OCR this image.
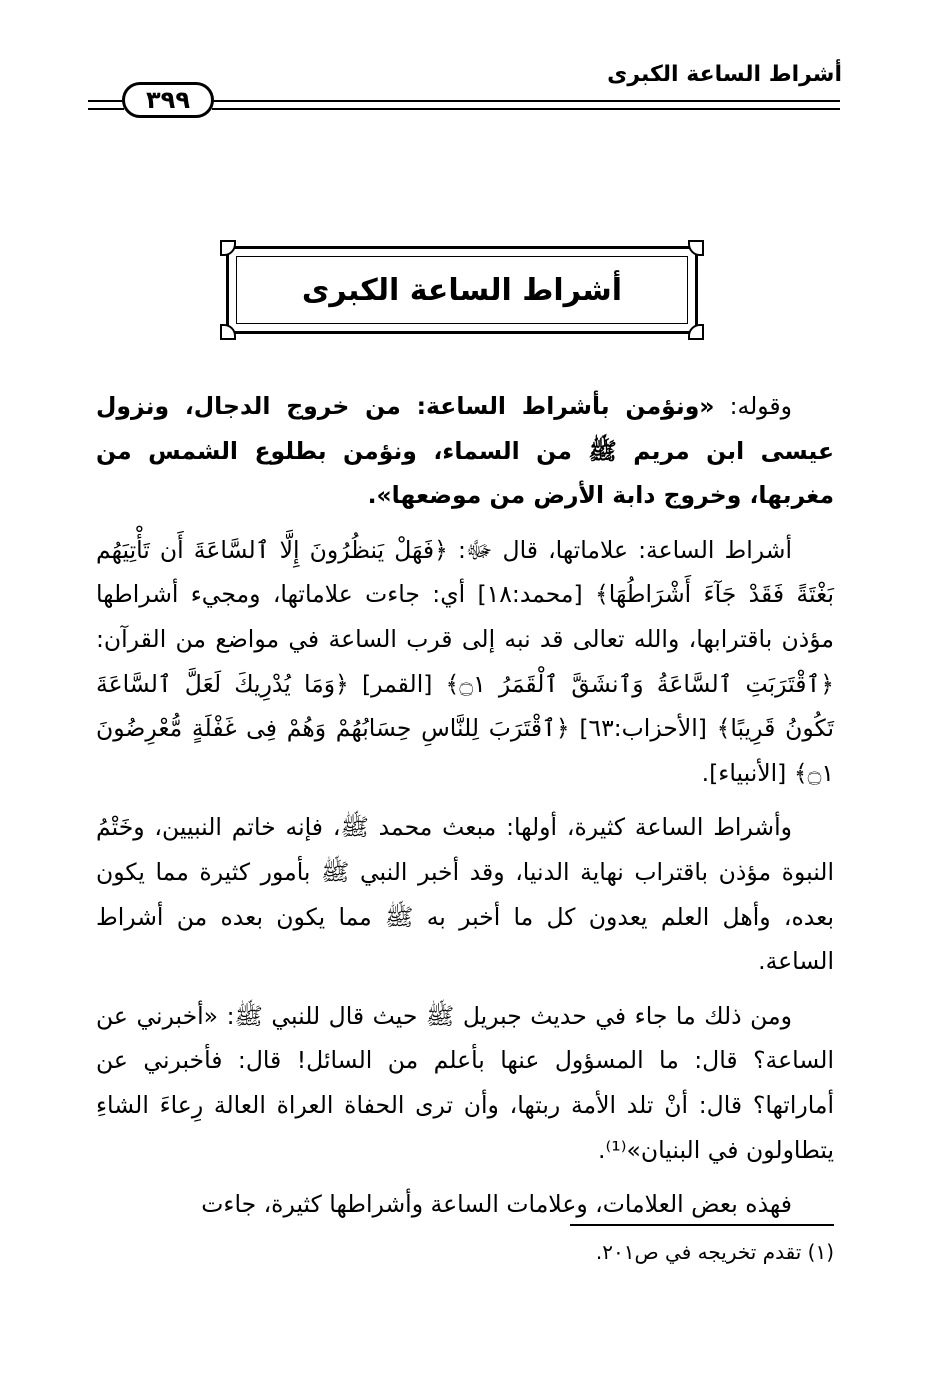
أشراط الساعة الكبرى
٣٩٩
أشراط الساعة الكبرى

وقوله: «ونؤمن بأشراط الساعة: من خروج الدجال، ونزول عيسى ابن مريم ﷺ من السماء، ونؤمن بطلوع الشمس من مغربها، وخروج دابة الأرض من موضعها».

أشراط الساعة: علاماتها، قال ﷻ: ﴿فَهَلْ يَنظُرُونَ إِلَّا ٱلسَّاعَةَ أَن تَأْتِيَهُم بَغْتَةً فَقَدْ جَآءَ أَشْرَاطُهَا﴾ [محمد:١٨] أي: جاءت علاماتها، ومجيء أشراطها مؤذن باقترابها، والله تعالى قد نبه إلى قرب الساعة في مواضع من القرآن: ﴿ٱقْتَرَبَتِ ٱلسَّاعَةُ وَٱنشَقَّ ٱلْقَمَرُ ۝١﴾ [القمر] ﴿وَمَا يُدْرِيكَ لَعَلَّ ٱلسَّاعَةَ تَكُونُ قَرِيبًا﴾ [الأحزاب:٦٣] ﴿ٱقْتَرَبَ لِلنَّاسِ حِسَابُهُمْ وَهُمْ فِى غَفْلَةٍ مُّعْرِضُونَ ۝١﴾ [الأنبياء].

وأشراط الساعة كثيرة، أولها: مبعث محمد ﷺ، فإنه خاتم النبيين، وخَتْمُ النبوة مؤذن باقتراب نهاية الدنيا، وقد أخبر النبي ﷺ بأمور كثيرة مما يكون بعده، وأهل العلم يعدون كل ما أخبر به ﷺ مما يكون بعده من أشراط الساعة.

ومن ذلك ما جاء في حديث جبريل ﷺ حيث قال للنبي ﷺ: «أخبرني عن الساعة؟ قال: ما المسؤول عنها بأعلم من السائل! قال: فأخبرني عن أماراتها؟ قال: أنْ تلد الأمة ربتها، وأن ترى الحفاة العراة العالة رِعاءَ الشاءِ يتطاولون في البنيان»⁽¹⁾.

فهذه بعض العلامات، وعلامات الساعة وأشراطها كثيرة، جاءت

(١) تقدم تخريجه في ص٢٠١.
